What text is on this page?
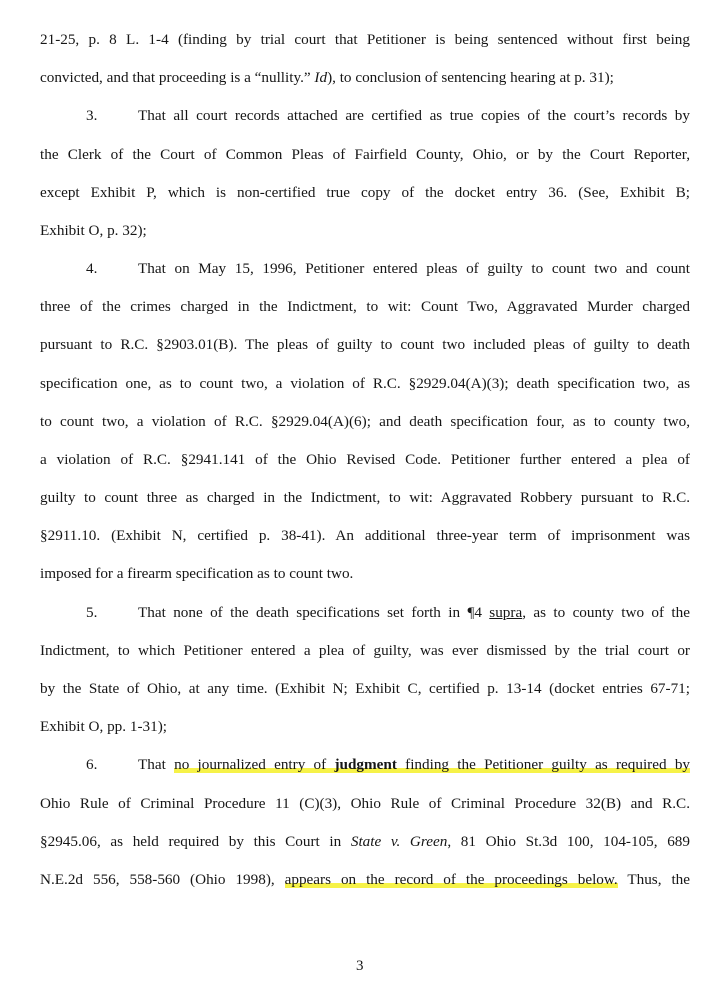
21-25, p. 8 L. 1-4 (finding by trial court that Petitioner is being sentenced without first being
convicted, and that proceeding is a “nullity.” Id), to conclusion of sentencing hearing at p. 31);
3.	That all court records attached are certified as true copies of the court’s records by
the Clerk of the Court of Common Pleas of Fairfield County, Ohio, or by the Court Reporter,
except Exhibit P, which is non-certified true copy of the docket entry 36. (See, Exhibit B;
Exhibit O, p. 32);
4.	That on May 15, 1996, Petitioner entered pleas of guilty to count two and count
three of the crimes charged in the Indictment, to wit: Count Two, Aggravated Murder charged
pursuant to R.C. §2903.01(B). The pleas of guilty to count two included pleas of guilty to death
specification one, as to count two, a violation of R.C. §2929.04(A)(3); death specification two, as
to count two, a violation of R.C. §2929.04(A)(6); and death specification four, as to county two,
a violation of R.C. §2941.141 of the Ohio Revised Code. Petitioner further entered a plea of
guilty to count three as charged in the Indictment, to wit: Aggravated Robbery pursuant to R.C.
§2911.10. (Exhibit N, certified p. 38-41). An additional three-year term of imprisonment was
imposed for a firearm specification as to count two.
5.	That none of the death specifications set forth in ¶4 supra, as to county two of the
Indictment, to which Petitioner entered a plea of guilty, was ever dismissed by the trial court or
by the State of Ohio, at any time. (Exhibit N; Exhibit C, certified p. 13-14 (docket entries 67-71;
Exhibit O, pp. 1-31);
6.	That no journalized entry of judgment finding the Petitioner guilty as required by
Ohio Rule of Criminal Procedure 11 (C)(3), Ohio Rule of Criminal Procedure 32(B) and R.C.
§2945.06, as held required by this Court in State v. Green, 81 Ohio St.3d 100, 104-105, 689
N.E.2d 556, 558-560 (Ohio 1998), appears on the record of the proceedings below. Thus, the
3
